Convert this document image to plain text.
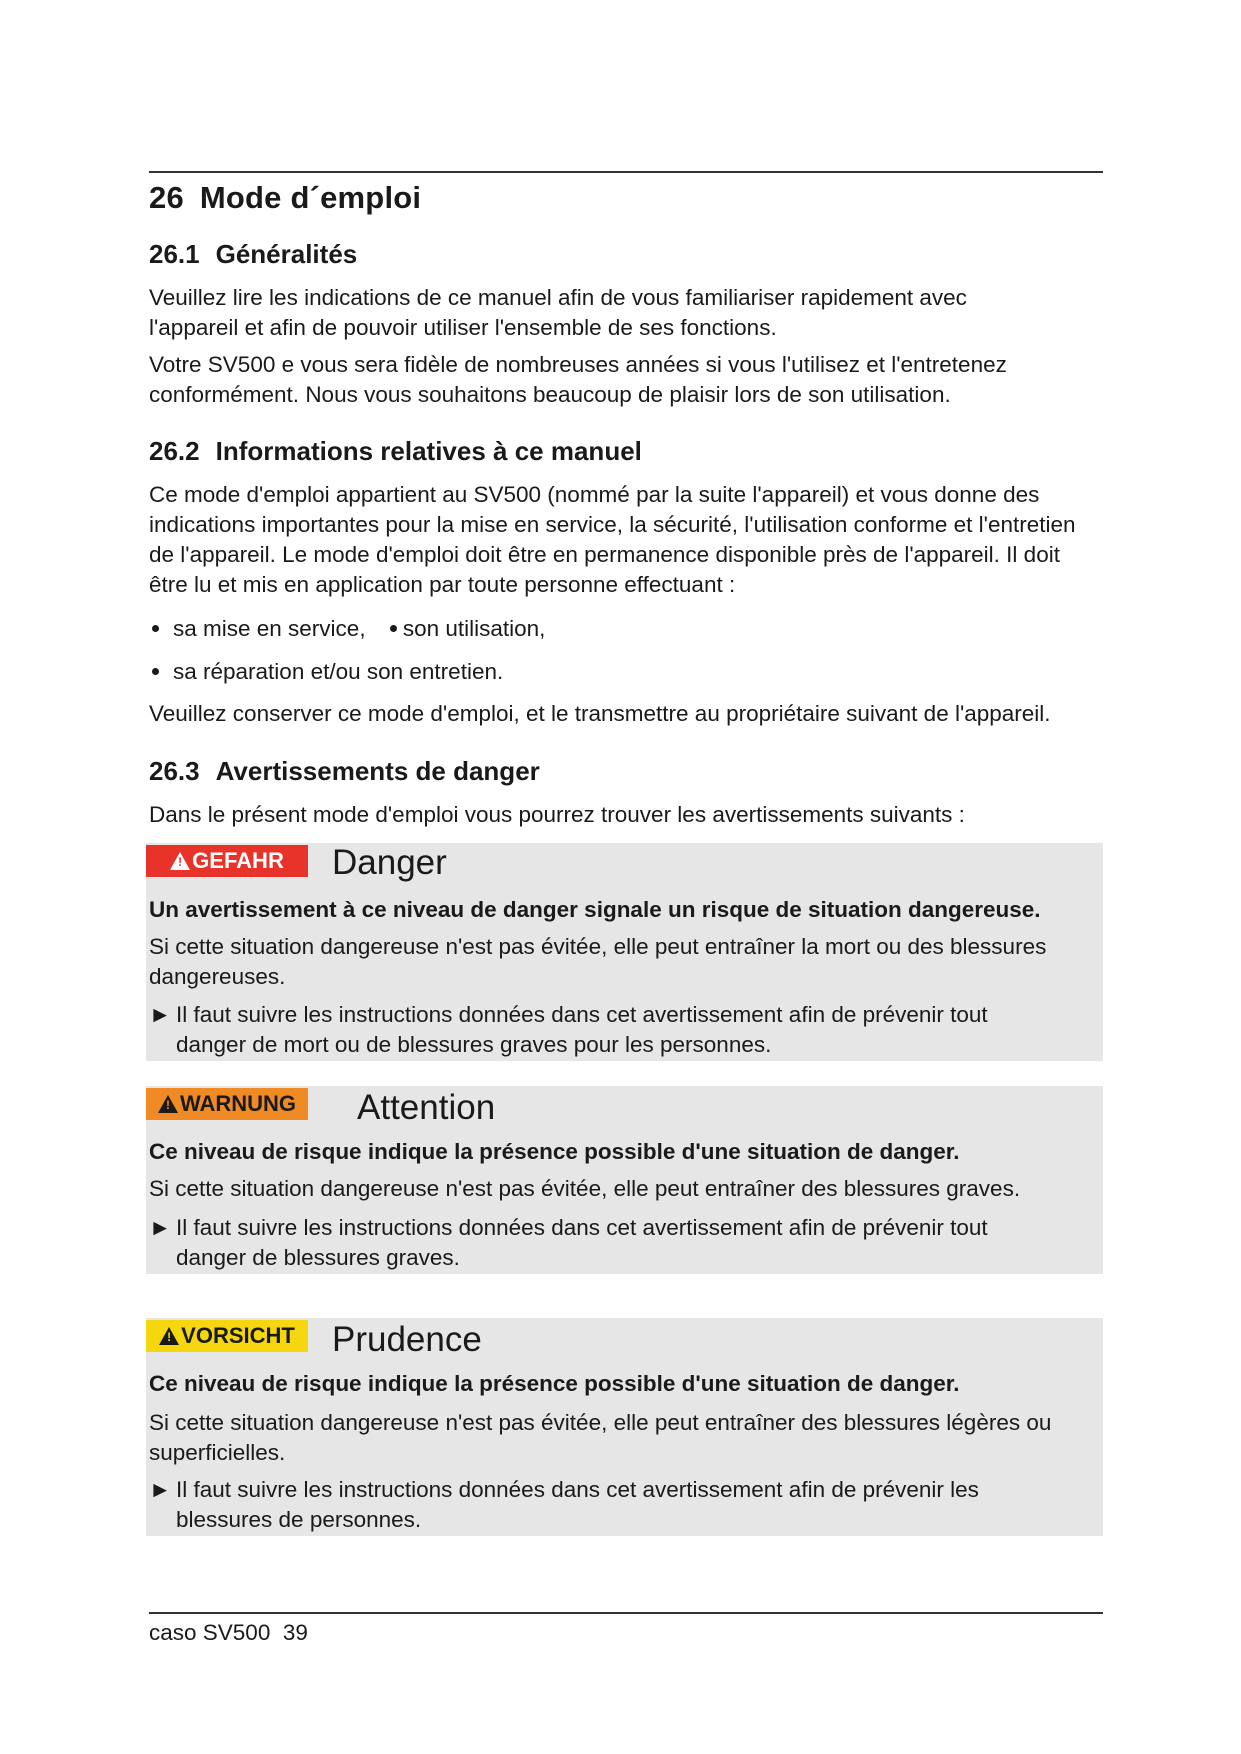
26 Mode d´emploi
26.1 Généralités
Veuillez lire les indications de ce manuel afin de vous familiariser rapidement avec l'appareil et afin de pouvoir utiliser l'ensemble de ses fonctions.
Votre SV500 e vous sera fidèle de nombreuses années si vous l'utilisez et l'entretenez conformément. Nous vous souhaitons beaucoup de plaisir lors de son utilisation.
26.2 Informations relatives à ce manuel
Ce mode d'emploi appartient au SV500 (nommé par la suite l'appareil) et vous donne des indications importantes pour la mise en service, la sécurité, l'utilisation conforme et l'entretien de l'appareil. Le mode d'emploi doit être en permanence disponible près de l'appareil. Il doit être lu et mis en application par toute personne effectuant :
sa mise en service, son utilisation,
sa réparation et/ou son entretien.
Veuillez conserver ce mode d'emploi, et le transmettre au propriétaire suivant de l'appareil.
26.3 Avertissements de danger
Dans le présent mode d'emploi vous pourrez trouver les avertissements suivants :
!GEFAHR	Danger
Un avertissement à ce niveau de danger signale un risque de situation dangereuse.
Si cette situation dangereuse n'est pas évitée, elle peut entraîner la mort ou des blessures dangereuses.
► Il faut suivre les instructions données dans cet avertissement afin de prévenir tout danger de mort ou de blessures graves pour les personnes.
!WARNUNG	Attention
Ce niveau de risque indique la présence possible d'une situation de danger.
Si cette situation dangereuse n'est pas évitée, elle peut entraîner des blessures graves.
► Il faut suivre les instructions données dans cet avertissement afin de prévenir tout danger de blessures graves.
!VORSICHT	Prudence
Ce niveau de risque indique la présence possible d'une situation de danger.
Si cette situation dangereuse n'est pas évitée, elle peut entraîner des blessures légères ou superficielles.
► Il faut suivre les instructions données dans cet avertissement afin de prévenir les blessures de personnes.
caso SV500 39
